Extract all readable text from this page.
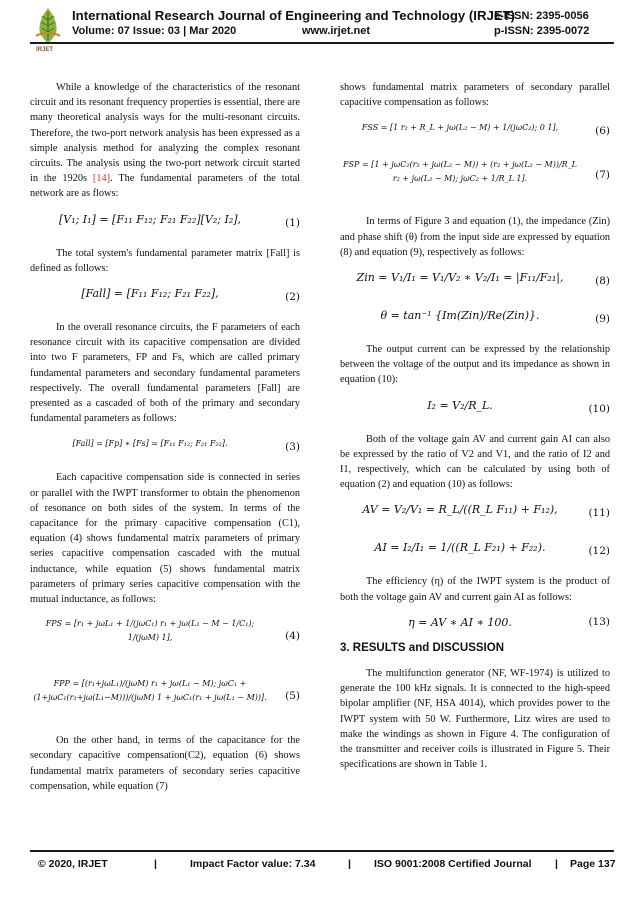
IRJET
International Research Journal of Engineering and Technology (IRJET)
Volume: 07 Issue: 03 | Mar 2020	www.irjet.net
e-ISSN: 2395-0056
p-ISSN: 2395-0072

While a knowledge of the characteristics of the resonant circuit and its resonant frequency properties is essential, there are many theoretical analysis ways for the multi-resonant circuits. Therefore, the two-port network analysis has been expressed as a simple analysis method for analyzing the complex resonant circuits. The analysis using the two-port network circuit started in the 1920s [14]. The fundamental parameters of the total network are as flows:

[V₁; I₁] = [F₁₁ F₁₂; F₂₁ F₂₂][V₂; I₂],	(1)

The total system's fundamental parameter matrix [Fall] is defined as follows:

[Fall] = [F₁₁ F₁₂; F₂₁ F₂₂],	(2)

In the overall resonance circuits, the F parameters of each resonance circuit with its capacitive compensation are divided into two F parameters, FP and Fs, which are called primary fundamental parameters and secondary fundamental parameters respectively. The overall fundamental parameters [Fall] are presented as a cascaded of both of the primary and secondary fundamental parameters as follows:

[Fall] = [Fp] ∗ [Fs] = [F₁₁ F₁₂; F₂₁ F₂₂].	(3)

Each capacitive compensation side is connected in series or parallel with the IWPT transformer to obtain the phenomenon of resonance on both sides of the system. In terms of the capacitance for the primary capacitive compensation (C1), equation (4) shows fundamental matrix parameters of primary series capacitive compensation cascaded with the mutual inductance, while equation (5) shows fundamental matrix parameters of primary series capacitive compensation with the mutual inductance, as follows:

FPS = [r₁ + jωL₁ + 1/(jωC₁) r₁ + jω(L₁ − M − 1/C₁); 1/(jωM) 1],	(4)
FPP = [(r₁+jωL₁)/(jωM) r₁ + jω(L₁ − M); jωC₁ + (1+jωC₁(r₁+jω(L₁−M)))/(jωM) 1 + jωC₁(r₁ + jω(L₁ − M))].	(5)

On the other hand, in terms of the capacitance for the secondary capacitive compensation(C2), equation (6) shows fundamental matrix parameters of secondary series capacitive compensation, while equation (7)

shows fundamental matrix parameters of secondary parallel capacitive compensation as follows:

FSS = [1 r₂ + R_L + jω(L₂ − M) + 1/(jωC₂); 0 1],	(6)
FSP = [1 + jωC₂(r₂ + jω(L₂ − M)) + (r₂ + jω(L₂ − M))/R_L r₂ + jω(L₂ − M); jωC₂ + 1/R_L 1].	(7)

In terms of Figure 3 and equation (1), the impedance (Zin) and phase shift (θ) from the input side are expressed by equation (8) and equation (9), respectively as follows:

Zin = V₁/I₁ = V₁/V₂ ∗ V₂/I₁ = |F₁₁/F₂₁|,	(8)
θ = tan⁻¹ {Im(Zin)/Re(Zin)}.	(9)

The output current can be expressed by the relationship between the voltage of the output and its impedance as shown in equation (10):

I₂ = V₂/R_L.	(10)

Both of the voltage gain AV and current gain AI can also be expressed by the ratio of V2 and V1, and the ratio of I2 and I1, respectively, which can be calculated by using both of equation (2) and equation (10) as follows:

AV = V₂/V₁ = R_L/((R_L F₁₁) + F₁₂),	(11)
AI = I₂/I₁ = 1/((R_L F₂₁) + F₂₂).	(12)

The efficiency (η) of the IWPT system is the product of both the voltage gain AV and current gain AI as follows:

η = AV ∗ AI ∗ 100.	(13)
3. RESULTS and DISCUSSION

The multifunction generator (NF, WF-1974) is utilized to generate the 100 kHz signals. It is connected to the high-speed bipolar amplifier (NF, HSA 4014), which provides power to the IWPT system with 50 W. Furthermore, Litz wires are used to make the windings as shown in Figure 4. The configuration of the transmitter and receiver coils is illustrated in Figure 5. Their specifications are shown in Table 1.

© 2020, IRJET	|	Impact Factor value: 7.34	| ISO 9001:2008 Certified Journal | Page 137
